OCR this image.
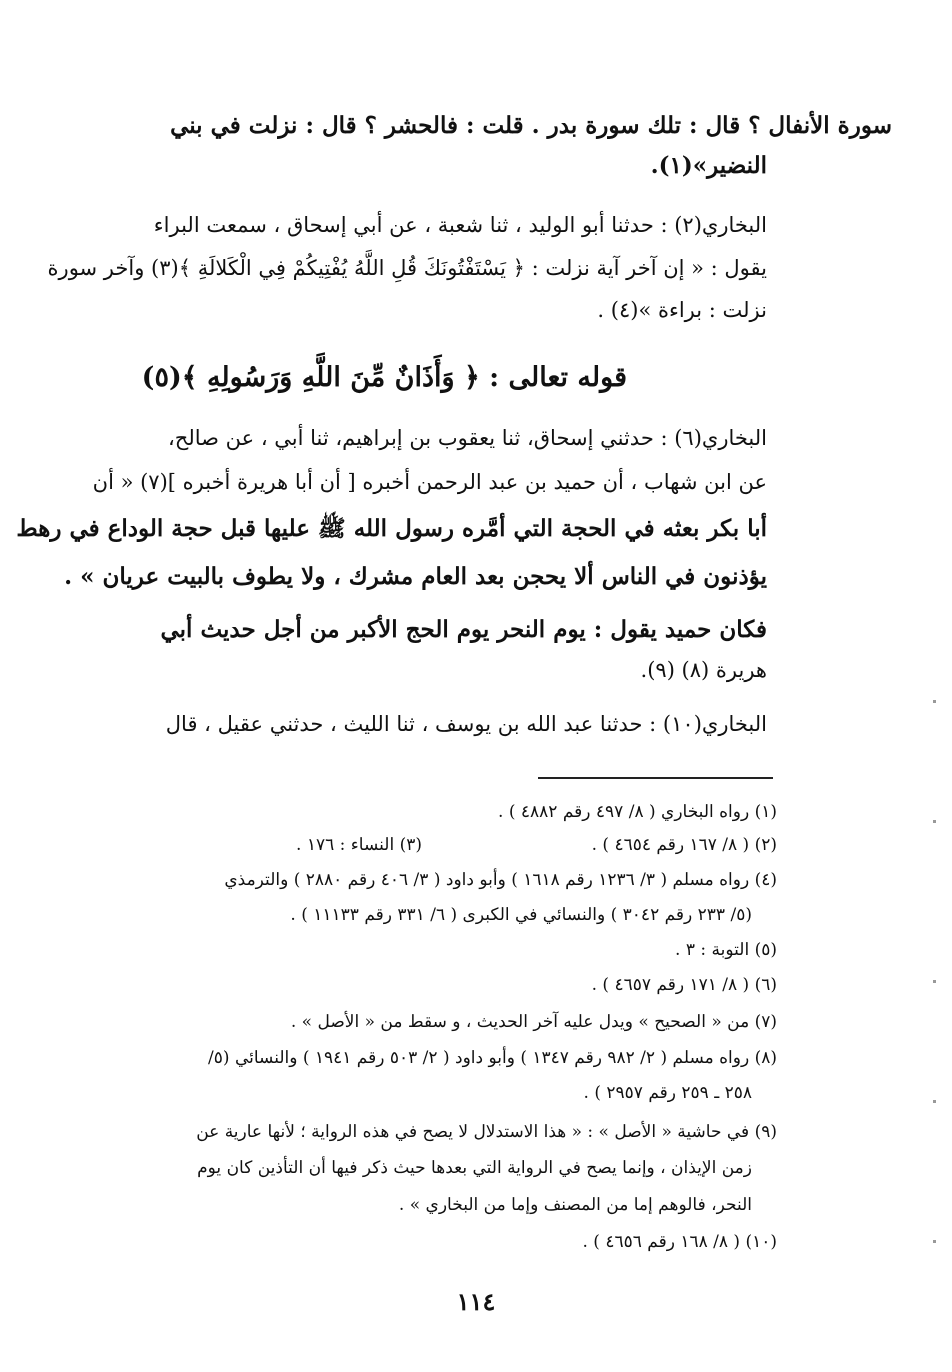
سورة الأنفال ؟ قال : تلك سورة بدر . قلت : فالحشر ؟ قال : نزلت في بني
النضير»(١).
البخاري(٢) : حدثنا أبو الوليد ، ثنا شعبة ، عن أبي إسحاق ، سمعت البراء
يقول : « إن آخر آية نزلت : ﴿ يَسْتَفْتُونَكَ قُلِ اللَّهُ يُفْتِيكُمْ فِي الْكَلالَةِ ﴾(٣) وآخر سورة
نزلت : براءة »(٤) .
قوله تعالى : ﴿ وَأَذَانٌ مِّنَ اللَّهِ وَرَسُولِهِ ﴾(٥)
البخاري(٦) : حدثني إسحاق، ثنا يعقوب بن إبراهيم، ثنا أبي ، عن صالح،
عن ابن شهاب ، أن حميد بن عبد الرحمن أخبره [ أن أبا هريرة أخبره ](٧) « أن
أبا بكر بعثه في الحجة التي أمَّره رسول الله ﷺ عليها قبل حجة الوداع في رهط
يؤذنون في الناس ألا يحجن بعد العام مشرك ، ولا يطوف بالبيت عريان » .
فكان حميد يقول : يوم النحر يوم الحج الأكبر من أجل حديث أبي
هريرة (٨) (٩).
البخاري(١٠) : حدثنا عبد الله بن يوسف ، ثنا الليث ، حدثني عقيل ، قال
(١) رواه البخاري ( ٨/ ٤٩٧ رقم ٤٨٨٢ ) .
(٢) ( ٨/ ١٦٧ رقم ٤٦٥٤ ) .
(٣) النساء : ١٧٦ .
(٤) رواه مسلم ( ٣/ ١٢٣٦ رقم ١٦١٨ ) وأبو داود ( ٣/ ٤٠٦ رقم ٢٨٨٠ ) والترمذي
(٥/ ٢٣٣ رقم ٣٠٤٢ ) والنسائي في الكبرى ( ٦/ ٣٣١ رقم ١١١٣٣ ) .
(٥) التوبة : ٣ .
(٦) ( ٨/ ١٧١ رقم ٤٦٥٧ ) .
(٧) من « الصحيح » ويدل عليه آخر الحديث ، و سقط من « الأصل » .
(٨) رواه مسلم ( ٢/ ٩٨٢ رقم ١٣٤٧ ) وأبو داود ( ٢/ ٥٠٣ رقم ١٩٤١ ) والنسائي (٥/
٢٥٨ ـ ٢٥٩ رقم ٢٩٥٧ ) .
(٩) في حاشية « الأصل » : « هذا الاستدلال لا يصح في هذه الرواية ؛ لأنها عارية عن
زمن الإيذان ، وإنما يصح في الرواية التي بعدها حيث ذكر فيها أن التأذين كان يوم
النحر، فالوهم إما من المصنف وإما من البخاري » .
(١٠) ( ٨/ ١٦٨ رقم ٤٦٥٦ ) .
١١٤
